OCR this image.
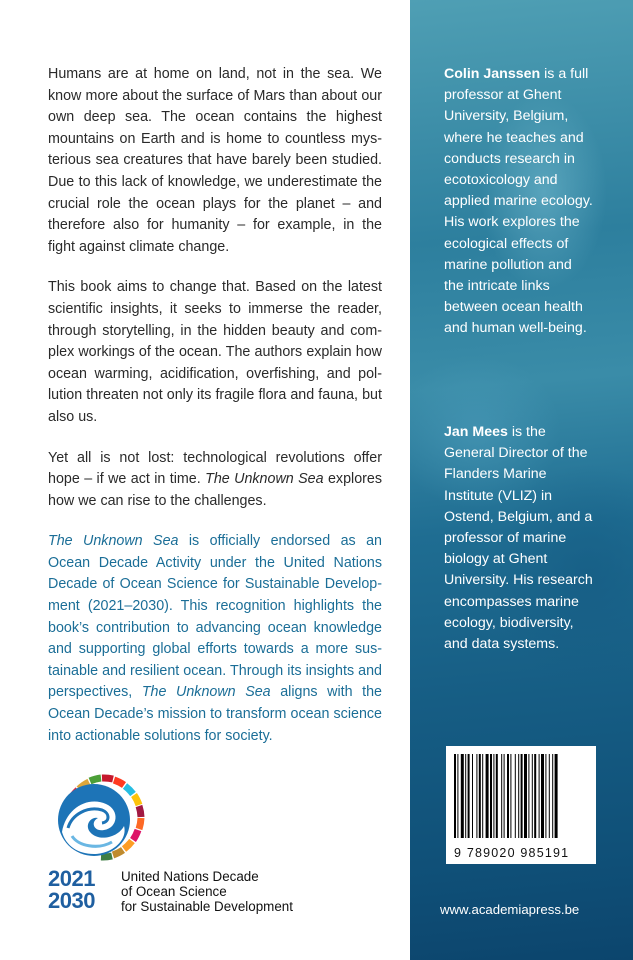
Humans are at home on land, not in the sea. We know more about the surface of Mars than about our own deep sea. The ocean contains the highest mountains on Earth and is home to countless mysterious sea creatures that have barely been studied. Due to this lack of knowledge, we underestimate the crucial role the ocean plays for the planet – and therefore also for humanity – for example, in the fight against climate change.

This book aims to change that. Based on the latest scientific insights, it seeks to immerse the reader, through storytelling, in the hidden beauty and complex workings of the ocean. The authors explain how ocean warming, acidification, overfishing, and pollution threaten not only its fragile flora and fauna, but also us.

Yet all is not lost: technological revolutions offer hope – if we act in time. The Unknown Sea explores how we can rise to the challenges.

The Unknown Sea is officially endorsed as an Ocean Decade Activity under the United Nations Decade of Ocean Science for Sustainable Development (2021–2030). This recognition highlights the book’s contribution to advancing ocean knowledge and supporting global efforts towards a more sustainable and resilient ocean. Through its insights and perspectives, The Unknown Sea aligns with the Ocean Decade’s mission to transform ocean science into actionable solutions for society.

2021
2030
United Nations Decade
of Ocean Science
for Sustainable Development
Colin Janssen is a full professor at Ghent University, Belgium, where he teaches and conducts research in ecotoxicology and applied marine ecology. His work explores the ecological effects of marine pollution and the intricate links between ocean health and human well-being.
Jan Mees is the General Director of the Flanders Marine Institute (VLIZ) in Ostend, Belgium, and a professor of marine biology at Ghent University. His research encompasses marine ecology, biodiversity, and data systems.
9 789020 985191
www.academiapress.be
